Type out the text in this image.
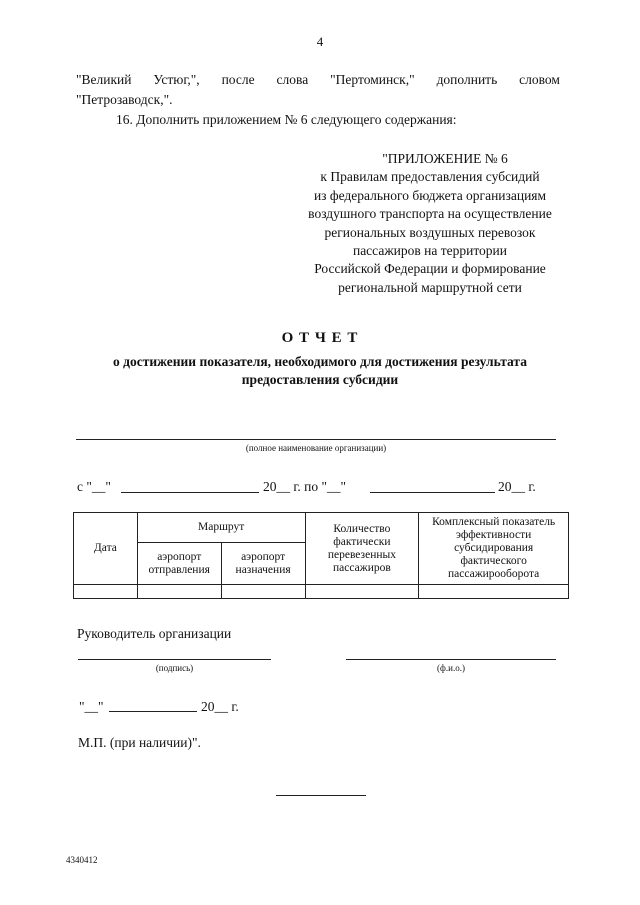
4
"Великий Устюг,", после слова "Пертоминск," дополнить словом
"Петрозаводск,".
16. Дополнить приложением № 6 следующего содержания:
"ПРИЛОЖЕНИЕ № 6
к Правилам предоставления субсидий
из федерального бюджета организациям
воздушного транспорта на осуществление
региональных воздушных перевозок
пассажиров на территории
Российской Федерации и формирование
региональной маршрутной сети
О Т Ч Е Т
о достижении показателя, необходимого для достижения результата
предоставления субсидии
(полное наименование организации)
с "__"	20__ г. по "__"	20__ г.
Дата	Маршрут		Количество фактически перевезенных пассажиров	Комплексный показатель эффективности субсидирования фактического пассажирооборота
	аэропорт отправления	аэропорт назначения		

Руководитель организации
(подпись)	(ф.и.о.)
"__"	20__ г.
М.П. (при наличии)".
4340412
